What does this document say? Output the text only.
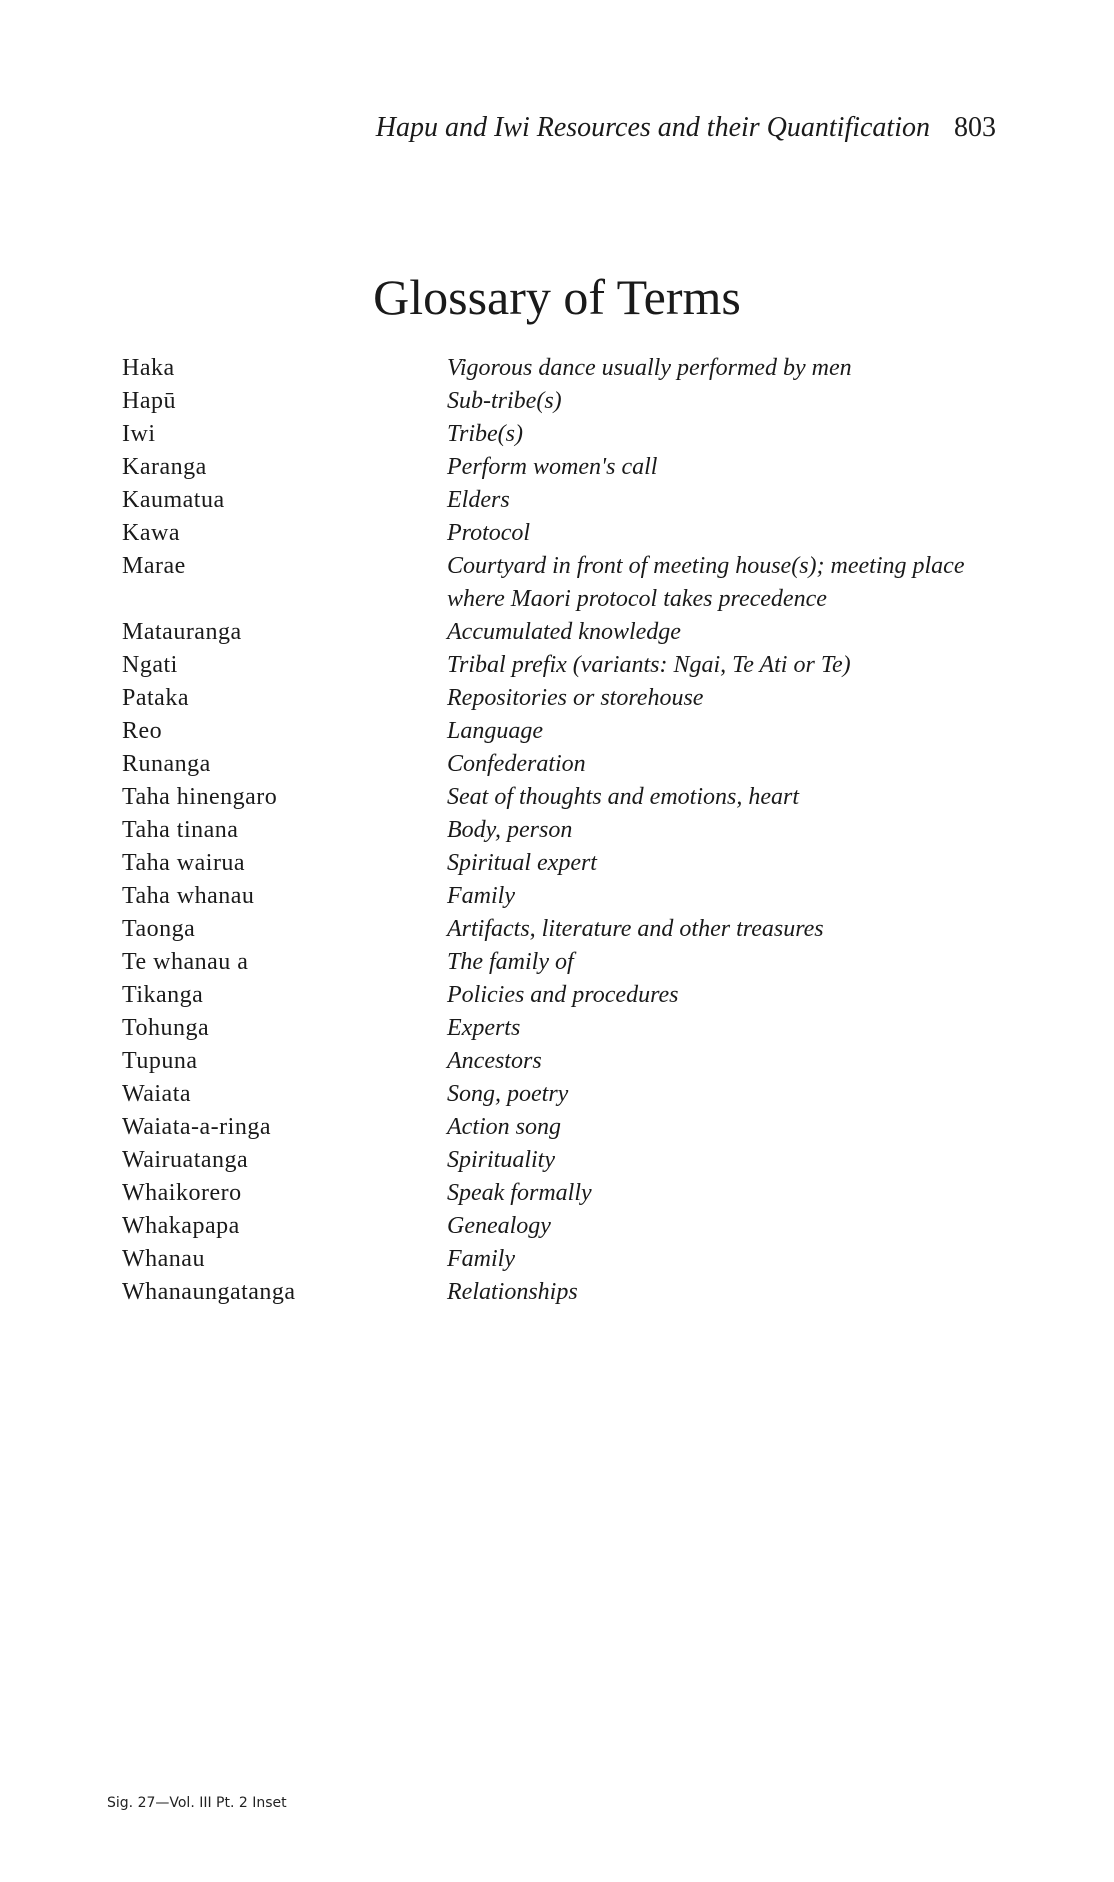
Hapu and Iwi Resources and their Quantification 803
Glossary of Terms
Haka	Vigorous dance usually performed by men
Hapū	Sub-tribe(s)
Iwi	Tribe(s)
Karanga	Perform women's call
Kaumatua	Elders
Kawa	Protocol
Marae	Courtyard in front of meeting house(s); meeting place where Maori protocol takes precedence
Matauranga	Accumulated knowledge
Ngati	Tribal prefix (variants: Ngai, Te Ati or Te)
Pataka	Repositories or storehouse
Reo	Language
Runanga	Confederation
Taha hinengaro	Seat of thoughts and emotions, heart
Taha tinana	Body, person
Taha wairua	Spiritual expert
Taha whanau	Family
Taonga	Artifacts, literature and other treasures
Te whanau a	The family of
Tikanga	Policies and procedures
Tohunga	Experts
Tupuna	Ancestors
Waiata	Song, poetry
Waiata-a-ringa	Action song
Wairuatanga	Spirituality
Whaikorero	Speak formally
Whakapapa	Genealogy
Whanau	Family
Whanaungatanga	Relationships
Sig. 27—Vol. III Pt. 2 Inset
